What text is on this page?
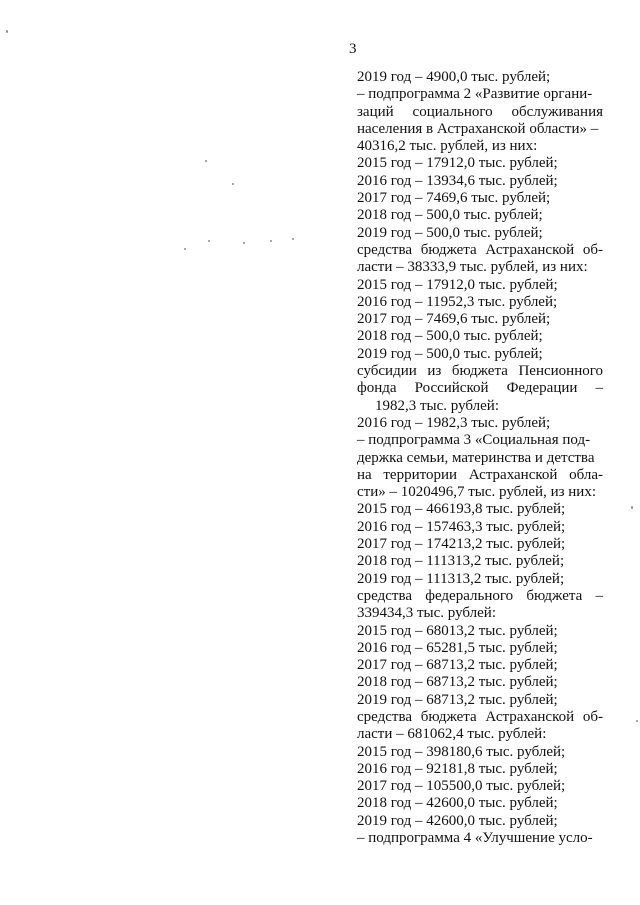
3
2019 год – 4900,0 тыс. рублей;
– подпрограмма 2 «Развитие органи-
заций социального обслуживания
населения в Астраханской области» –
40316,2 тыс. рублей, из них:
2015 год – 17912,0 тыс. рублей;
2016 год – 13934,6 тыс. рублей;
2017 год – 7469,6 тыс. рублей;
2018 год – 500,0 тыс. рублей;
2019 год – 500,0 тыс. рублей;
средства бюджета Астраханской об-
ласти – 38333,9 тыс. рублей, из них:
2015 год – 17912,0 тыс. рублей;
2016 год – 11952,3 тыс. рублей;
2017 год – 7469,6 тыс. рублей;
2018 год – 500,0 тыс. рублей;
2019 год – 500,0 тыс. рублей;
субсидии из бюджета Пенсионного
фонда Российской Федерации –
1982,3 тыс. рублей:
2016 год – 1982,3 тыс. рублей;
– подпрограмма 3 «Социальная под-
держка семьи, материнства и детства
на территории Астраханской обла-
сти» – 1020496,7 тыс. рублей, из них:
2015 год – 466193,8 тыс. рублей;
2016 год – 157463,3 тыс. рублей;
2017 год – 174213,2 тыс. рублей;
2018 год – 111313,2 тыс. рублей;
2019 год – 111313,2 тыс. рублей;
средства федерального бюджета –
339434,3 тыс. рублей:
2015 год – 68013,2 тыс. рублей;
2016 год – 65281,5 тыс. рублей;
2017 год – 68713,2 тыс. рублей;
2018 год – 68713,2 тыс. рублей;
2019 год – 68713,2 тыс. рублей;
средства бюджета Астраханской об-
ласти – 681062,4 тыс. рублей:
2015 год – 398180,6 тыс. рублей;
2016 год – 92181,8 тыс. рублей;
2017 год – 105500,0 тыс. рублей;
2018 год – 42600,0 тыс. рублей;
2019 год – 42600,0 тыс. рублей;
– подпрограмма 4 «Улучшение усло-
